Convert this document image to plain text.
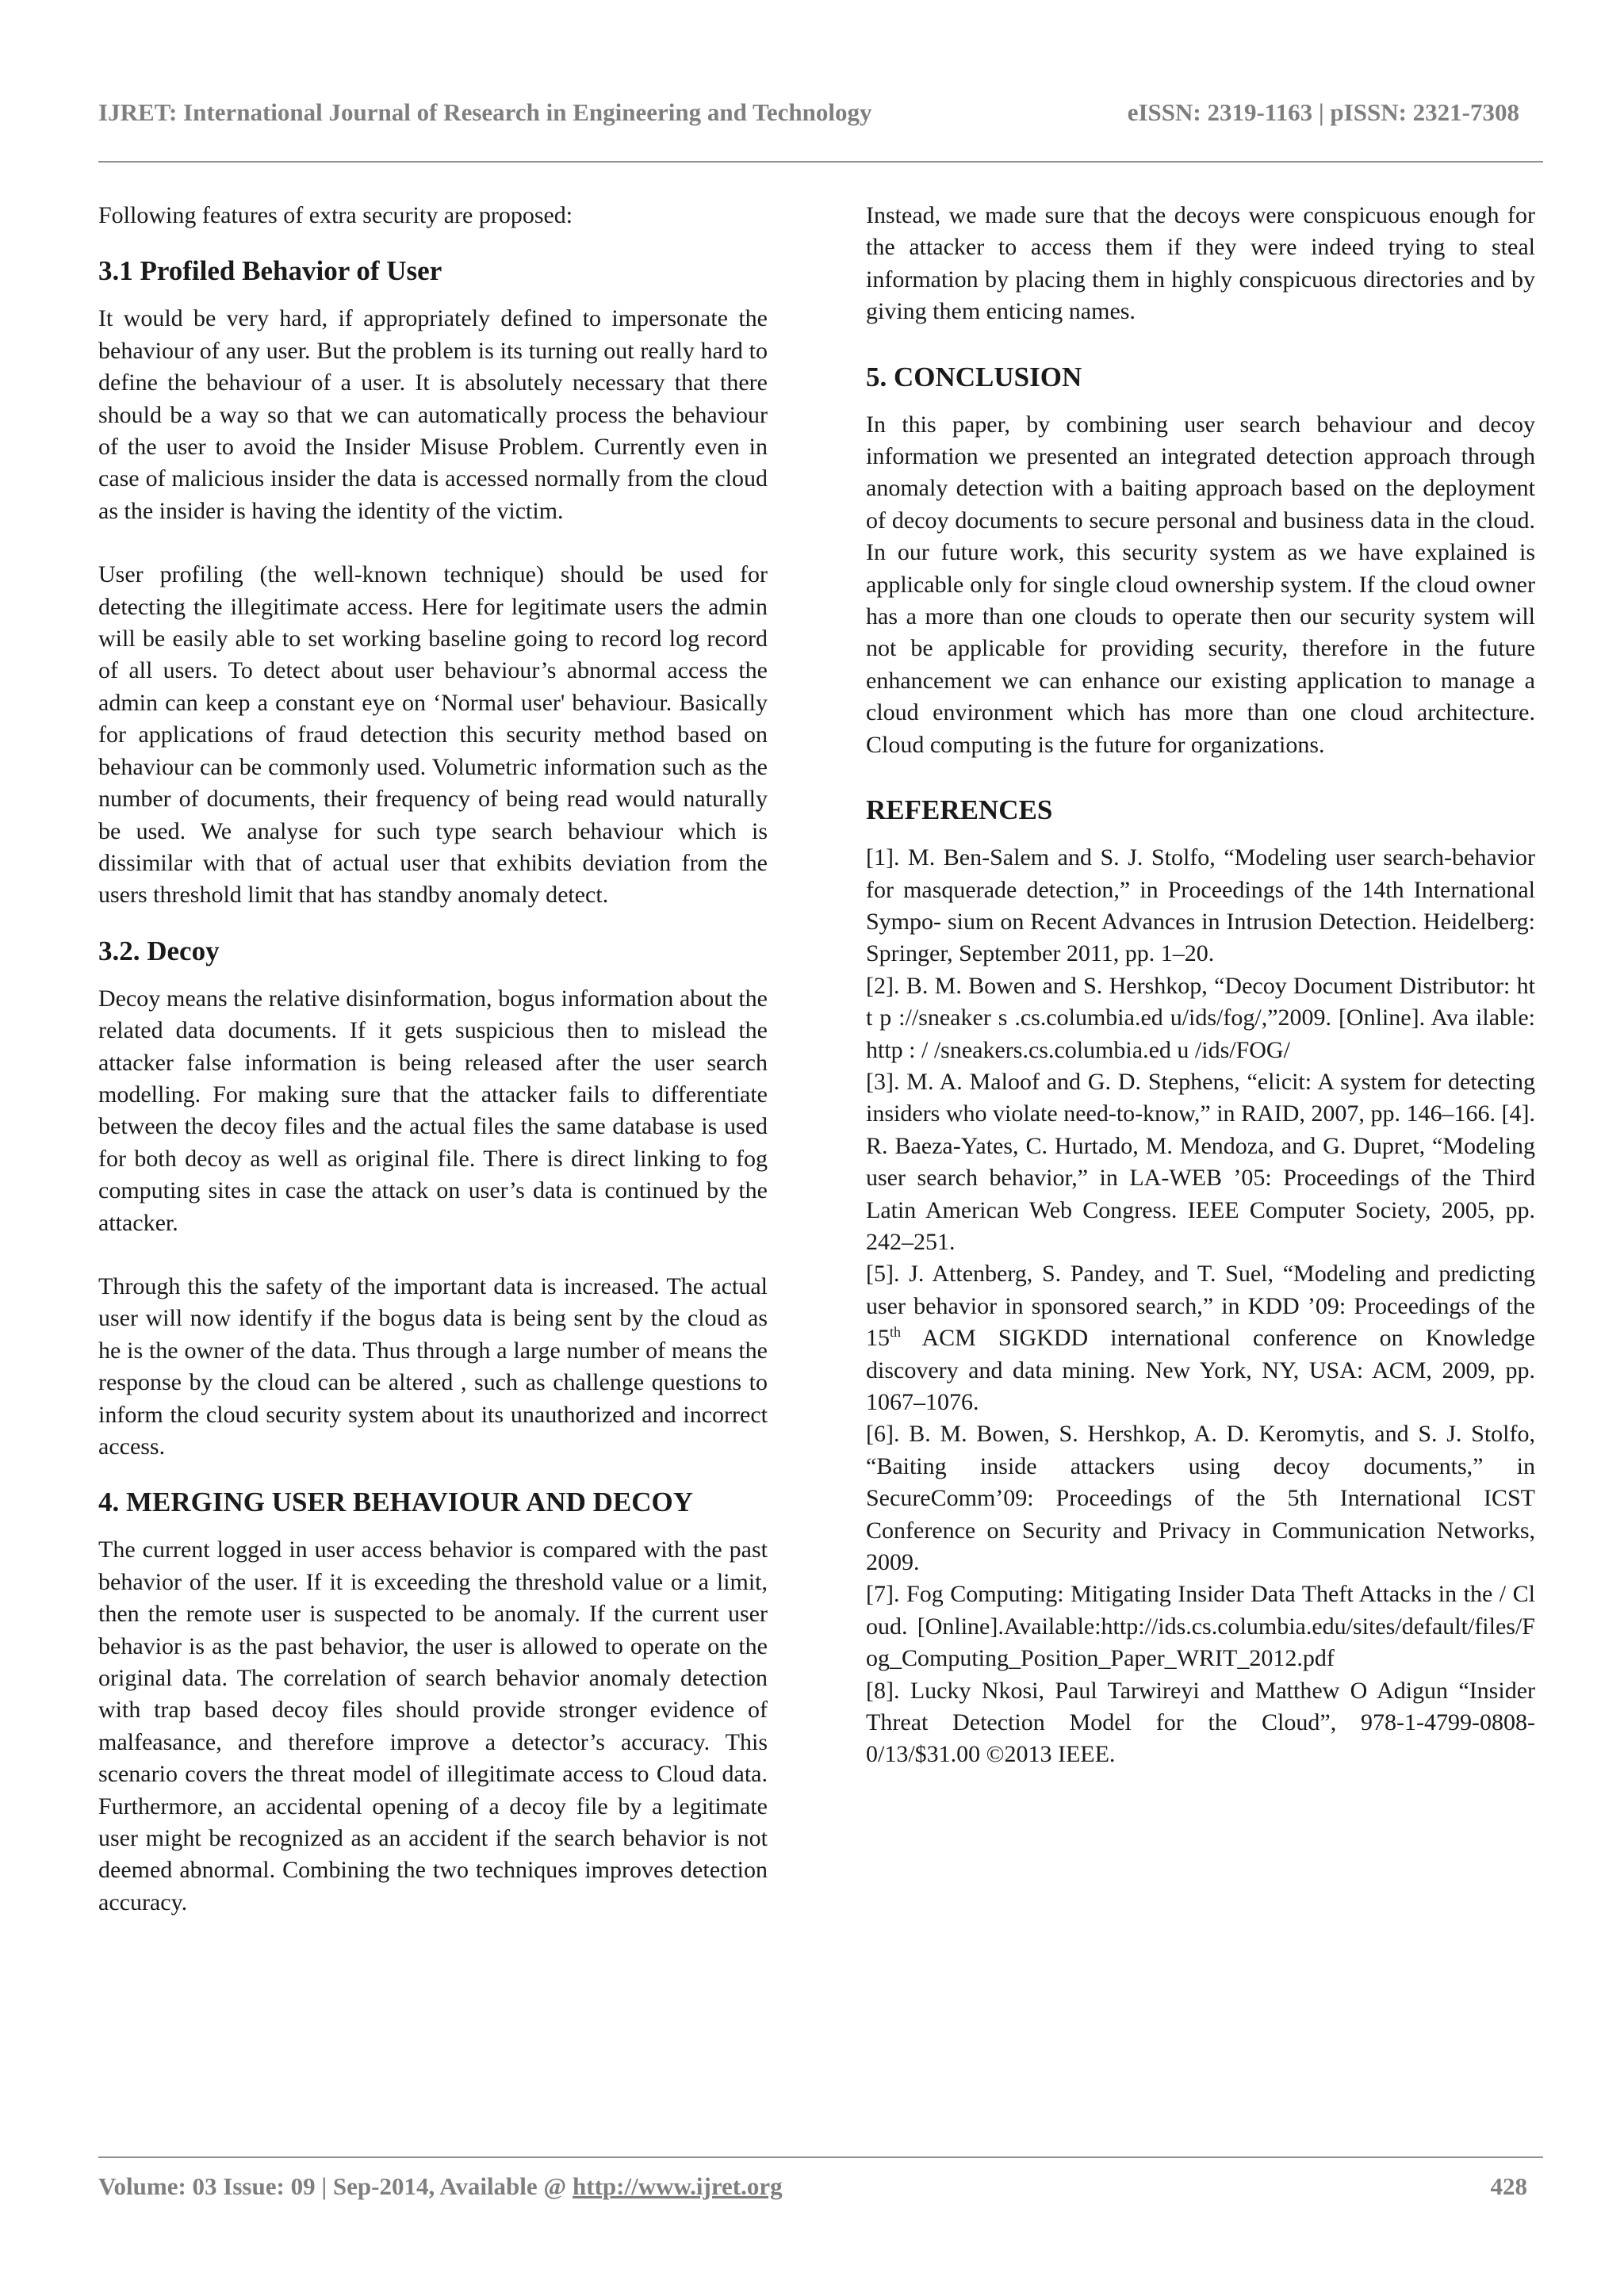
IJRET: International Journal of Research in Engineering and Technology	eISSN: 2319-1163 | pISSN: 2321-7308

Following features of extra security are proposed:

3.1 Profiled Behavior of User

It would be very hard, if appropriately defined to impersonate the behaviour of any user. But the problem is its turning out really hard to define the behaviour of a user. It is absolutely necessary that there should be a way so that we can automatically process the behaviour of the user to avoid the Insider Misuse Problem. Currently even in case of malicious insider the data is accessed normally from the cloud as the insider is having the identity of the victim.

User profiling (the well-known technique) should be used for detecting the illegitimate access. Here for legitimate users the admin will be easily able to set working baseline going to record log record of all users. To detect about user behaviour’s abnormal access the admin can keep a constant eye on ‘Normal user' behaviour. Basically for applications of fraud detection this security method based on behaviour can be commonly used. Volumetric information such as the number of documents, their frequency of being read would naturally be used. We analyse for such type search behaviour which is dissimilar with that of actual user that exhibits deviation from the users threshold limit that has standby anomaly detect.

3.2. Decoy

Decoy means the relative disinformation, bogus information about the related data documents. If it gets suspicious then to mislead the attacker false information is being released after the user search modelling. For making sure that the attacker fails to differentiate between the decoy files and the actual files the same database is used for both decoy as well as original file. There is direct linking to fog computing sites in case the attack on user’s data is continued by the attacker.

Through this the safety of the important data is increased. The actual user will now identify if the bogus data is being sent by the cloud as he is the owner of the data. Thus through a large number of means the response by the cloud can be altered , such as challenge questions to inform the cloud security system about its unauthorized and incorrect access.

4. MERGING USER BEHAVIOUR AND DECOY

The current logged in user access behavior is compared with the past behavior of the user. If it is exceeding the threshold value or a limit, then the remote user is suspected to be anomaly. If the current user behavior is as the past behavior, the user is allowed to operate on the original data. The correlation of search behavior anomaly detection with trap based decoy files should provide stronger evidence of malfeasance, and therefore improve a detector’s accuracy. This scenario covers the threat model of illegitimate access to Cloud data. Furthermore, an accidental opening of a decoy file by a legitimate user might be recognized as an accident if the search behavior is not deemed abnormal. Combining the two techniques improves detection accuracy.

Instead, we made sure that the decoys were conspicuous enough for the attacker to access them if they were indeed trying to steal information by placing them in highly conspicuous directories and by giving them enticing names.

5. CONCLUSION

In this paper, by combining user search behaviour and decoy information we presented an integrated detection approach through anomaly detection with a baiting approach based on the deployment of decoy documents to secure personal and business data in the cloud. In our future work, this security system as we have explained is applicable only for single cloud ownership system. If the cloud owner has a more than one clouds to operate then our security system will not be applicable for providing security, therefore in the future enhancement we can enhance our existing application to manage a cloud environment which has more than one cloud architecture. Cloud computing is the future for organizations.

REFERENCES

[1]. M. Ben-Salem and S. J. Stolfo, “Modeling user search-behavior for masquerade detection,” in Proceedings of the 14th International Sympo- sium on Recent Advances in Intrusion Detection. Heidelberg: Springer, September 2011, pp. 1–20.

[2]. B. M. Bowen and S. Hershkop, “Decoy Document Distributor: ht t p ://sneaker s .cs.columbia.ed u/ids/fog/,”2009. [Online]. Ava ilable: http : / /sneakers.cs.columbia.ed u /ids/FOG/

[3]. M. A. Maloof and G. D. Stephens, “elicit: A system for detecting insiders who violate need-to-know,” in RAID, 2007, pp. 146–166. [4]. R. Baeza-Yates, C. Hurtado, M. Mendoza, and G. Dupret, “Modeling user search behavior,” in LA-WEB ’05: Proceedings of the Third Latin American Web Congress. IEEE Computer Society, 2005, pp. 242–251.

[5]. J. Attenberg, S. Pandey, and T. Suel, “Modeling and predicting user behavior in sponsored search,” in KDD ’09: Proceedings of the 15th ACM SIGKDD international conference on Knowledge discovery and data mining. New York, NY, USA: ACM, 2009, pp. 1067–1076.

[6]. B. M. Bowen, S. Hershkop, A. D. Keromytis, and S. J. Stolfo, “Baiting inside attackers using decoy documents,” in SecureComm’09: Proceedings of the 5th International ICST Conference on Security and Privacy in Communication Networks, 2009.

[7]. Fog Computing: Mitigating Insider Data Theft Attacks in the / Cloud. [Online].Available:http://ids.cs.columbia.edu/sites/default/files/Fog_Computing_Position_Paper_WRIT_2012.pdf

[8]. Lucky Nkosi, Paul Tarwireyi and Matthew O Adigun “Insider Threat Detection Model for the Cloud”, 978-1-4799-0808-0/13/$31.00 ©2013 IEEE.

Volume: 03 Issue: 09 | Sep-2014, Available @ http://www.ijret.org	428
